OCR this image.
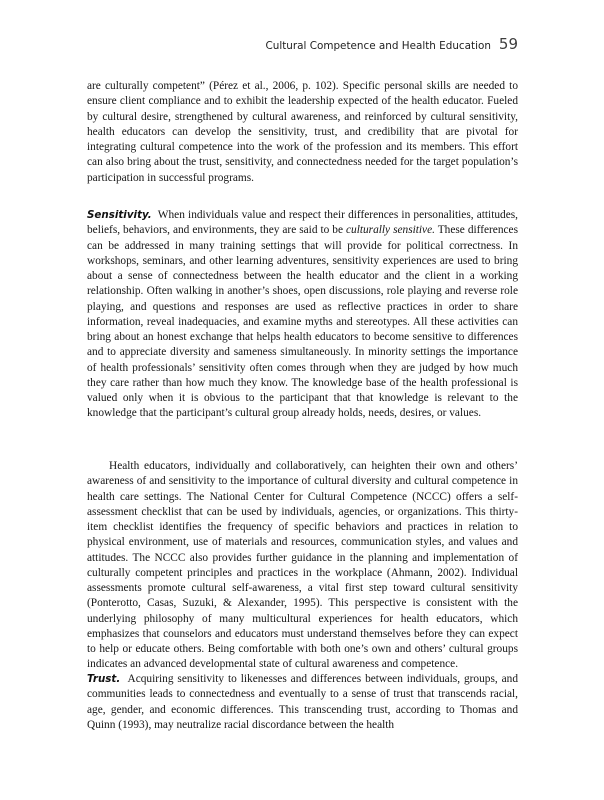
Cultural Competence and Health Education 59

are culturally competent” (Pérez et al., 2006, p. 102). Specific personal skills are needed to ensure client compliance and to exhibit the leadership expected of the health educator. Fueled by cultural desire, strengthened by cultural awareness, and reinforced by cultural sensitivity, health educators can develop the sensitivity, trust, and credibility that are pivotal for integrating cultural competence into the work of the profession and its members. This effort can also bring about the trust, sensitivity, and connectedness needed for the target population’s participation in successful programs.

Sensitivity. When individuals value and respect their differences in personalities, attitudes, beliefs, behaviors, and environments, they are said to be culturally sensitive. These differences can be addressed in many training settings that will provide for political correctness. In workshops, seminars, and other learning adventures, sensitivity experiences are used to bring about a sense of connectedness between the health educator and the client in a working relationship. Often walking in another’s shoes, open discussions, role playing and reverse role playing, and questions and responses are used as reflective practices in order to share information, reveal inadequacies, and examine myths and stereotypes. All these activities can bring about an honest exchange that helps health educators to become sensitive to differences and to appreciate diversity and sameness simultaneously. In minority settings the importance of health professionals’ sensitivity often comes through when they are judged by how much they care rather than how much they know. The knowledge base of the health professional is valued only when it is obvious to the participant that that knowledge is relevant to the knowledge that the participant’s cultural group already holds, needs, desires, or values.

Health educators, individually and collaboratively, can heighten their own and others’ awareness of and sensitivity to the importance of cultural diversity and cultural competence in health care settings. The National Center for Cultural Competence (NCCC) offers a self-assessment checklist that can be used by individuals, agencies, or organizations. This thirty-item checklist identifies the frequency of specific behaviors and practices in relation to physical environment, use of materials and resources, communication styles, and values and attitudes. The NCCC also provides further guidance in the planning and implementation of culturally competent principles and practices in the workplace (Ahmann, 2002). Individual assessments promote cultural self-awareness, a vital first step toward cultural sensitivity (Ponterotto, Casas, Suzuki, & Alexander, 1995). This perspective is consistent with the underlying philosophy of many multicultural experiences for health educators, which emphasizes that counselors and educators must understand themselves before they can expect to help or educate others. Being comfortable with both one’s own and others’ cultural groups indicates an advanced developmental state of cultural awareness and competence.

Trust. Acquiring sensitivity to likenesses and differences between individuals, groups, and communities leads to connectedness and eventually to a sense of trust that transcends racial, age, gender, and economic differences. This transcending trust, according to Thomas and Quinn (1993), may neutralize racial discordance between the health
